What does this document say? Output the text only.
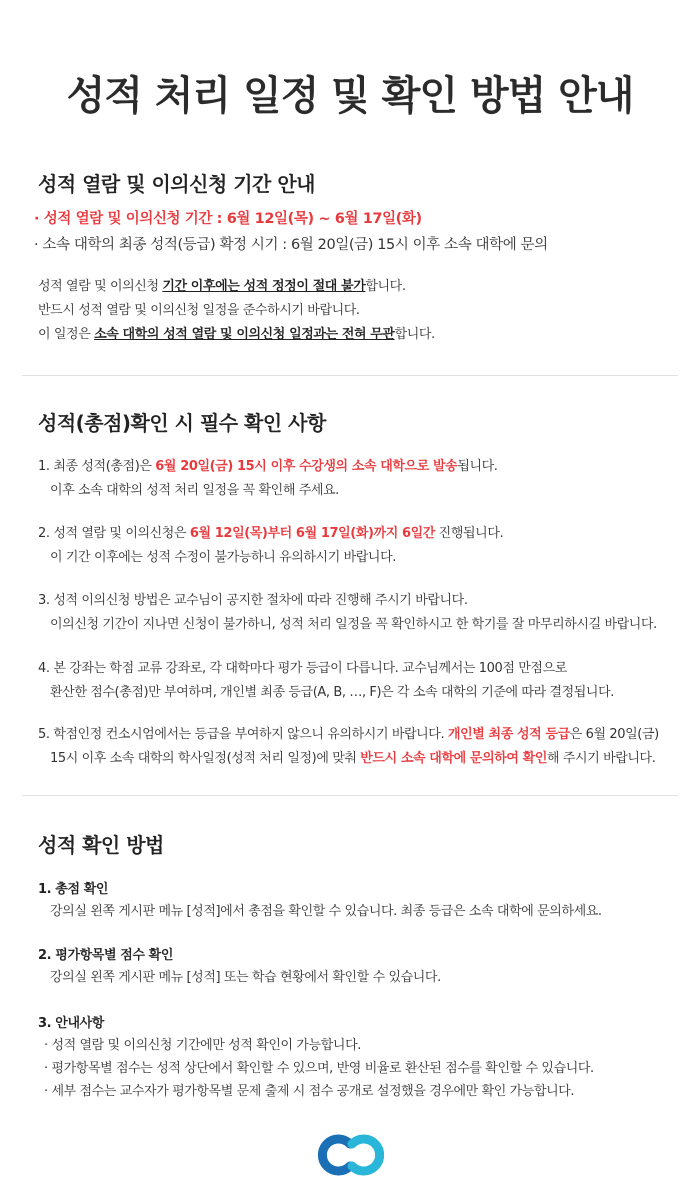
성적 처리 일정 및 확인 방법 안내
성적 열람 및 이의신청 기간 안내
· 성적 열람 및 이의신청 기간 : 6월 12일(목) ~ 6월 17일(화)
· 소속 대학의 최종 성적(등급) 확정 시기 : 6월 20일(금) 15시 이후 소속 대학에 문의
성적 열람 및 이의신청 기간 이후에는 성적 정정이 절대 불가합니다.
반드시 성적 열람 및 이의신청 일정을 준수하시기 바랍니다.
이 일정은 소속 대학의 성적 열람 및 이의신청 일정과는 전혀 무관합니다.
성적(총점)확인 시 필수 확인 사항
1. 최종 성적(총점)은 6월 20일(금) 15시 이후 수강생의 소속 대학으로 발송됩니다.
이후 소속 대학의 성적 처리 일정을 꼭 확인해 주세요.
2. 성적 열람 및 이의신청은 6월 12일(목)부터 6월 17일(화)까지 6일간 진행됩니다.
이 기간 이후에는 성적 수정이 불가능하니 유의하시기 바랍니다.
3. 성적 이의신청 방법은 교수님이 공지한 절차에 따라 진행해 주시기 바랍니다.
이의신청 기간이 지나면 신청이 불가하니, 성적 처리 일정을 꼭 확인하시고 한 학기를 잘 마무리하시길 바랍니다.
4. 본 강좌는 학점 교류 강좌로, 각 대학마다 평가 등급이 다릅니다. 교수님께서는 100점 만점으로
환산한 점수(총점)만 부여하며, 개인별 최종 등급(A, B, …, F)은 각 소속 대학의 기준에 따라 결정됩니다.
5. 학점인정 컨소시엄에서는 등급을 부여하지 않으니 유의하시기 바랍니다. 개인별 최종 성적 등급은 6월 20일(금)
15시 이후 소속 대학의 학사일정(성적 처리 일정)에 맞춰 반드시 소속 대학에 문의하여 확인해 주시기 바랍니다.
성적 확인 방법
1. 총점 확인
강의실 왼쪽 게시판 메뉴 [성적]에서 총점을 확인할 수 있습니다. 최종 등급은 소속 대학에 문의하세요.
2. 평가항목별 점수 확인
강의실 왼쪽 게시판 메뉴 [성적] 또는 학습 현황에서 확인할 수 있습니다.
3. 안내사항
· 성적 열람 및 이의신청 기간에만 성적 확인이 가능합니다.
· 평가항목별 점수는 성적 상단에서 확인할 수 있으며, 반영 비율로 환산된 점수를 확인할 수 있습니다.
· 세부 점수는 교수자가 평가항목별 문제 출제 시 점수 공개로 설정했을 경우에만 확인 가능합니다.
